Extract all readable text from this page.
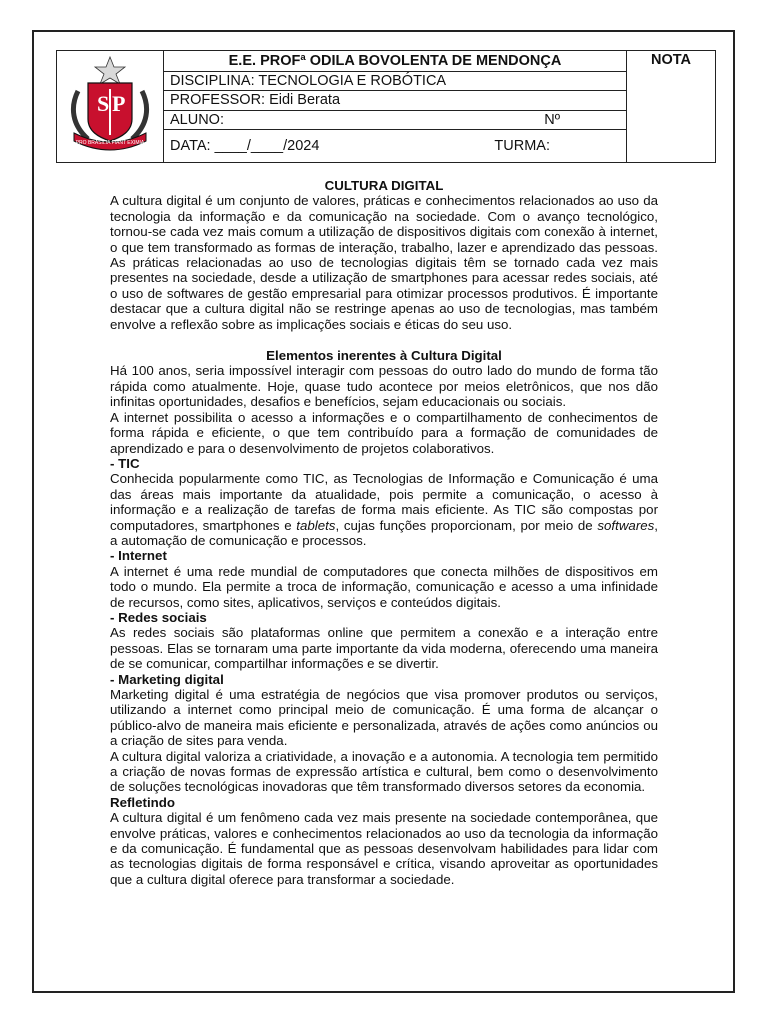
S P
PRO BRASILIA FIANT EXIMIA
	E.E. PROFª ODILA BOVOLENTA DE MENDONÇA	NOTA
DISCIPLINA: TECNOLOGIA E ROBÓTICA
PROFESSOR: Eidi Berata

ALUNO:	Nº

DATA: ____/____/2024	TURMA:

CULTURA DIGITAL

A cultura digital é um conjunto de valores, práticas e conhecimentos relacionados ao uso da tecnologia da informação e da comunicação na sociedade. Com o avanço tecnológico, tornou-se cada vez mais comum a utilização de dispositivos digitais com conexão à internet, o que tem transformado as formas de interação, trabalho, lazer e aprendizado das pessoas. As práticas relacionadas ao uso de tecnologias digitais têm se tornado cada vez mais presentes na sociedade, desde a utilização de smartphones para acessar redes sociais, até o uso de softwares de gestão empresarial para otimizar processos produtivos. É importante destacar que a cultura digital não se restringe apenas ao uso de tecnologias, mas também envolve a reflexão sobre as implicações sociais e éticas do seu uso.

Elementos inerentes à Cultura Digital

Há 100 anos, seria impossível interagir com pessoas do outro lado do mundo de forma tão rápida como atualmente. Hoje, quase tudo acontece por meios eletrônicos, que nos dão infinitas oportunidades, desafios e benefícios, sejam educacionais ou sociais.

A internet possibilita o acesso a informações e o compartilhamento de conhecimentos de forma rápida e eficiente, o que tem contribuído para a formação de comunidades de aprendizado e para o desenvolvimento de projetos colaborativos.

- TIC

Conhecida popularmente como TIC, as Tecnologias de Informação e Comunicação é uma das áreas mais importante da atualidade, pois permite a comunicação, o acesso à informação e a realização de tarefas de forma mais eficiente. As TIC são compostas por computadores, smartphones e tablets, cujas funções proporcionam, por meio de softwares, a automação de comunicação e processos.

- Internet

A internet é uma rede mundial de computadores que conecta milhões de dispositivos em todo o mundo. Ela permite a troca de informação, comunicação e acesso a uma infinidade de recursos, como sites, aplicativos, serviços e conteúdos digitais.

- Redes sociais

As redes sociais são plataformas online que permitem a conexão e a interação entre pessoas. Elas se tornaram uma parte importante da vida moderna, oferecendo uma maneira de se comunicar, compartilhar informações e se divertir.

- Marketing digital

Marketing digital é uma estratégia de negócios que visa promover produtos ou serviços, utilizando a internet como principal meio de comunicação. É uma forma de alcançar o público-alvo de maneira mais eficiente e personalizada, através de ações como anúncios ou a criação de sites para venda.

A cultura digital valoriza a criatividade, a inovação e a autonomia. A tecnologia tem permitido a criação de novas formas de expressão artística e cultural, bem como o desenvolvimento de soluções tecnológicas inovadoras que têm transformado diversos setores da economia.

Refletindo

A cultura digital é um fenômeno cada vez mais presente na sociedade contemporânea, que envolve práticas, valores e conhecimentos relacionados ao uso da tecnologia da informação e da comunicação. É fundamental que as pessoas desenvolvam habilidades para lidar com as tecnologias digitais de forma responsável e crítica, visando aproveitar as oportunidades que a cultura digital oferece para transformar a sociedade.
